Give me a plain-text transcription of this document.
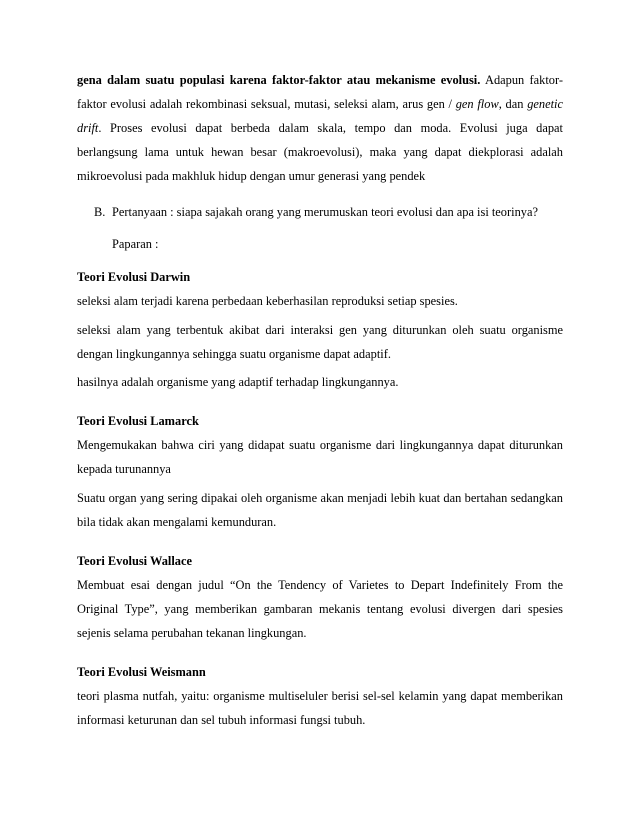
gena dalam suatu populasi karena faktor-faktor atau mekanisme evolusi. Adapun faktor-
faktor evolusi adalah rekombinasi seksual, mutasi, seleksi alam, arus gen / gen flow, dan genetic
drift. Proses evolusi dapat berbeda dalam skala, tempo dan moda. Evolusi juga dapat
berlangsung lama untuk hewan besar (makroevolusi), maka yang dapat diekplorasi adalah
mikroevolusi pada makhluk hidup dengan umur generasi yang pendek
B. Pertanyaan : siapa sajakah orang yang merumuskan teori evolusi dan apa isi teorinya?
Paparan :
Teori Evolusi Darwin
seleksi alam terjadi karena perbedaan keberhasilan reproduksi setiap spesies.
seleksi alam yang terbentuk akibat dari interaksi gen yang diturunkan oleh suatu organisme
dengan lingkungannya sehingga suatu organisme dapat adaptif.
hasilnya adalah organisme yang adaptif terhadap lingkungannya.
Teori Evolusi Lamarck
Mengemukakan bahwa ciri yang didapat suatu organisme dari lingkungannya dapat diturunkan
kepada turunannya
Suatu organ yang sering dipakai oleh organisme akan menjadi lebih kuat dan bertahan sedangkan
bila tidak akan mengalami kemunduran.
Teori Evolusi Wallace
Membuat esai dengan judul “On the Tendency of Varietes to Depart Indefinitely From the
Original Type”, yang memberikan gambaran mekanis tentang evolusi divergen dari spesies
sejenis selama perubahan tekanan lingkungan.
Teori Evolusi Weismann
teori plasma nutfah, yaitu: organisme multiseluler berisi sel-sel kelamin yang dapat memberikan
informasi keturunan dan sel tubuh informasi fungsi tubuh.
